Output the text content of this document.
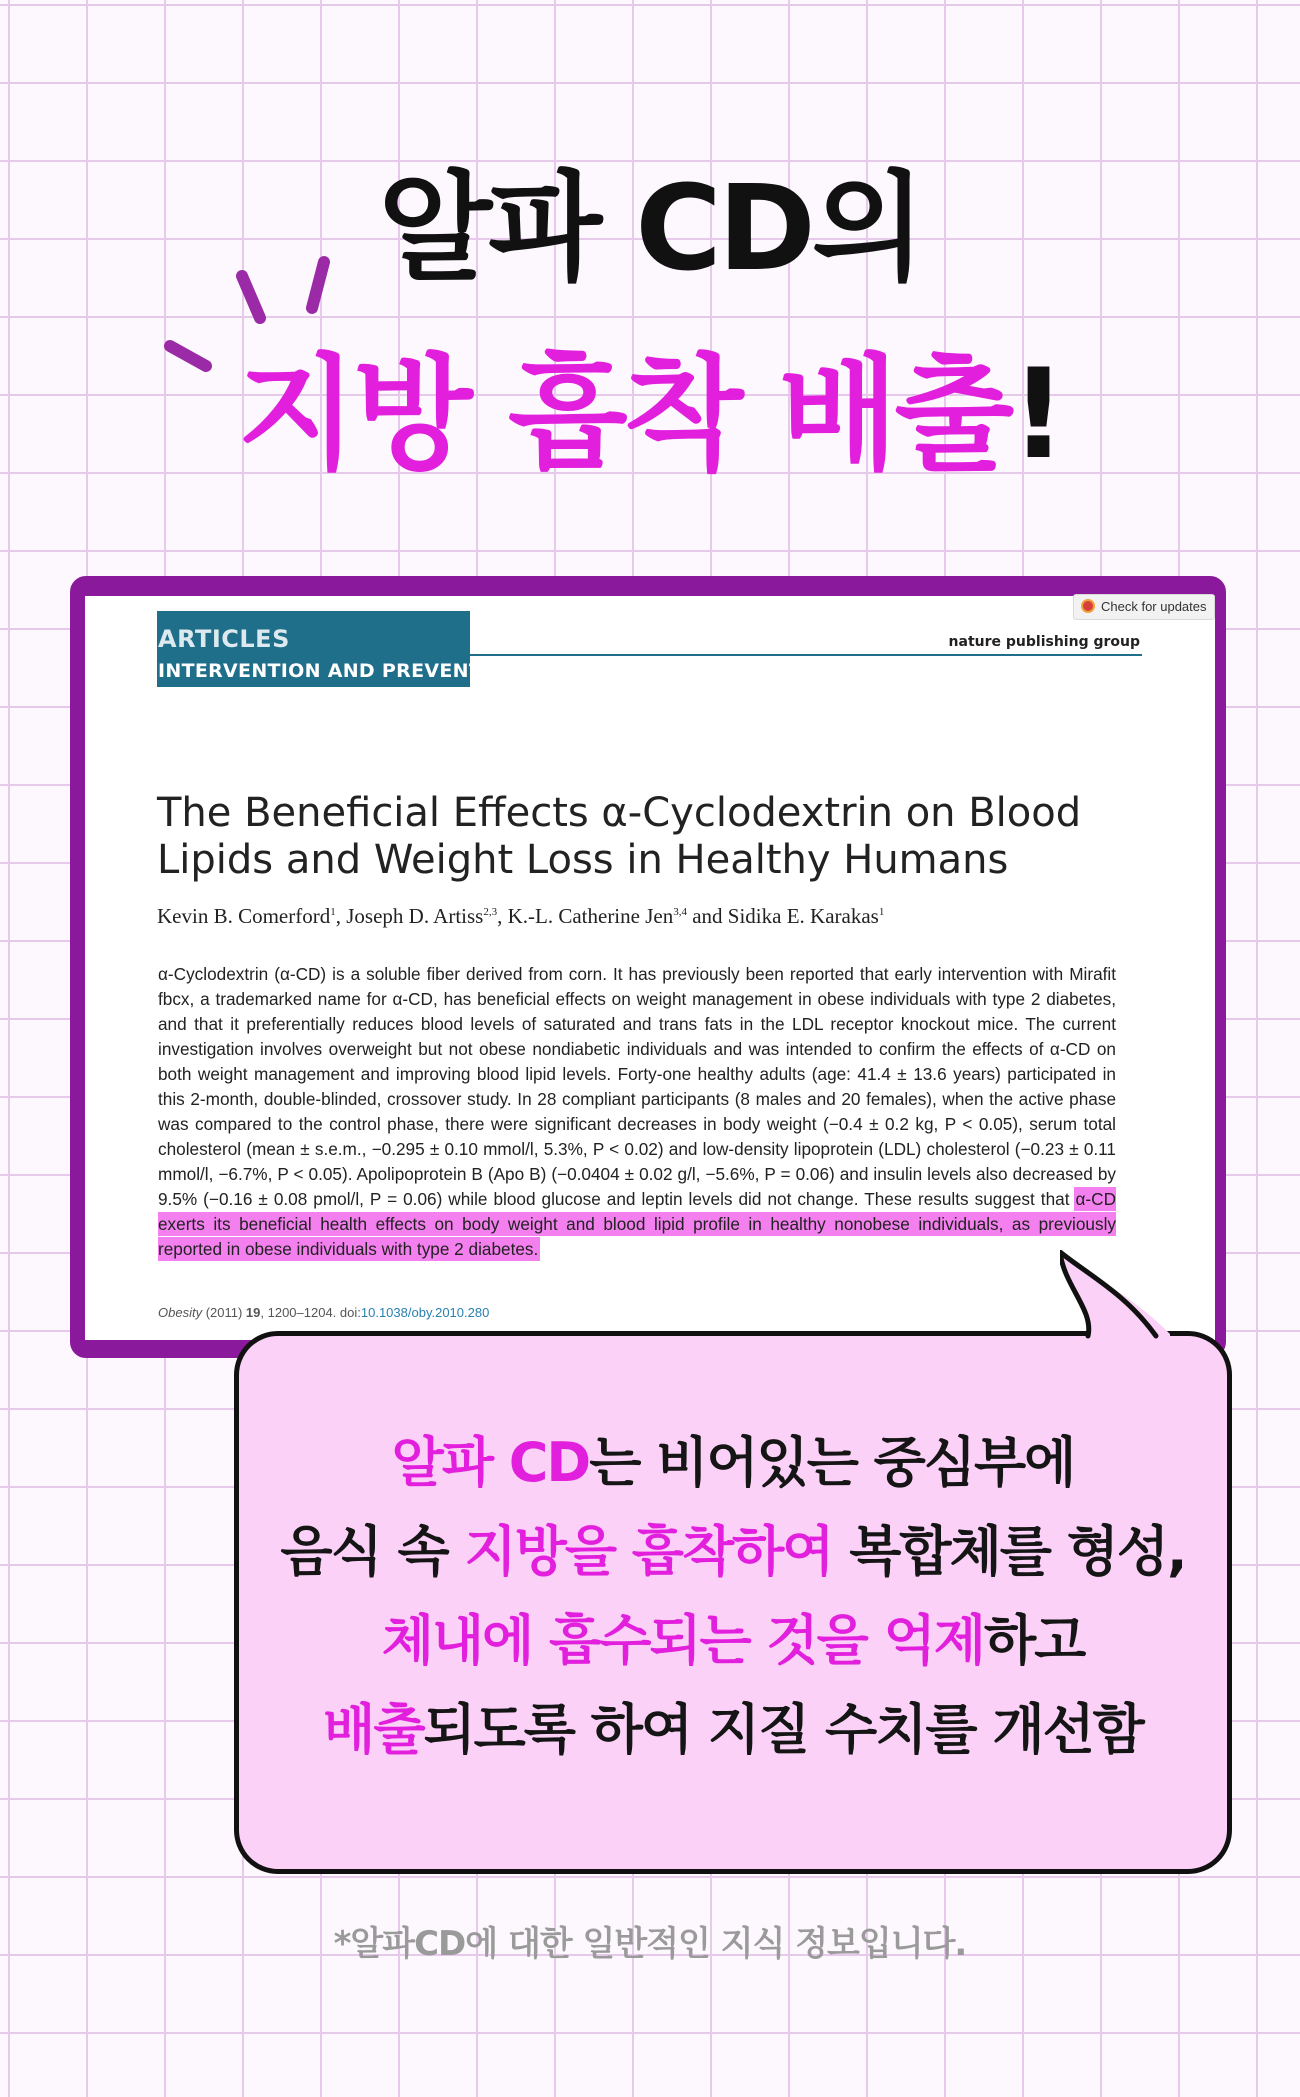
알파 CD의
지방 흡착 배출!
ARTICLES
INTERVENTION AND PREVENTION
nature publishing group
Check for updates
The Beneficial Effects α-Cyclodextrin on Blood
Lipids and Weight Loss in Healthy Humans
Kevin B. Comerford$^1$, Joseph D. Artiss$^{2,3}$, K.-L. Catherine Jen$^{3,4}$ and Sidika E. Karakas$^1$
α-Cyclodextrin (α-CD) is a soluble fiber derived from corn. It has previously been reported that early intervention with Mirafit fbcx, a trademarked name for α-CD, has beneficial effects on weight management in obese individuals with type 2 diabetes, and that it preferentially reduces blood levels of saturated and trans fats in the LDL receptor knockout mice. The current investigation involves overweight but not obese nondiabetic individuals and was intended to confirm the effects of α-CD on both weight management and improving blood lipid levels. Forty-one healthy adults (age: 41.4 ± 13.6 years) participated in this 2-month, double-blinded, crossover study. In 28 compliant participants (8 males and 20 females), when the active phase was compared to the control phase, there were significant decreases in body weight (−0.4 ± 0.2 kg, P < 0.05), serum total cholesterol (mean ± s.e.m., −0.295 ± 0.10 mmol/l, 5.3%, P < 0.02) and low-density lipoprotein (LDL) cholesterol (−0.23 ± 0.11 mmol/l, −6.7%, P < 0.05). Apolipoprotein B (Apo B) (−0.0404 ± 0.02 g/l, −5.6%, P = 0.06) and insulin levels also decreased by 9.5% (−0.16 ± 0.08 pmol/l, P = 0.06) while blood glucose and leptin levels did not change. These results suggest that α-CD exerts its beneficial health effects on body weight and blood lipid profile in healthy nonobese individuals, as previously reported in obese individuals with type 2 diabetes.
Obesity (2011) 19, 1200–1204. doi:10.1038/oby.2010.280
알파 CD는 비어있는 중심부에
음식 속 지방을 흡착하여 복합체를 형성,
체내에 흡수되는 것을 억제하고
배출되도록 하여 지질 수치를 개선함
*알파CD에 대한 일반적인 지식 정보입니다.
